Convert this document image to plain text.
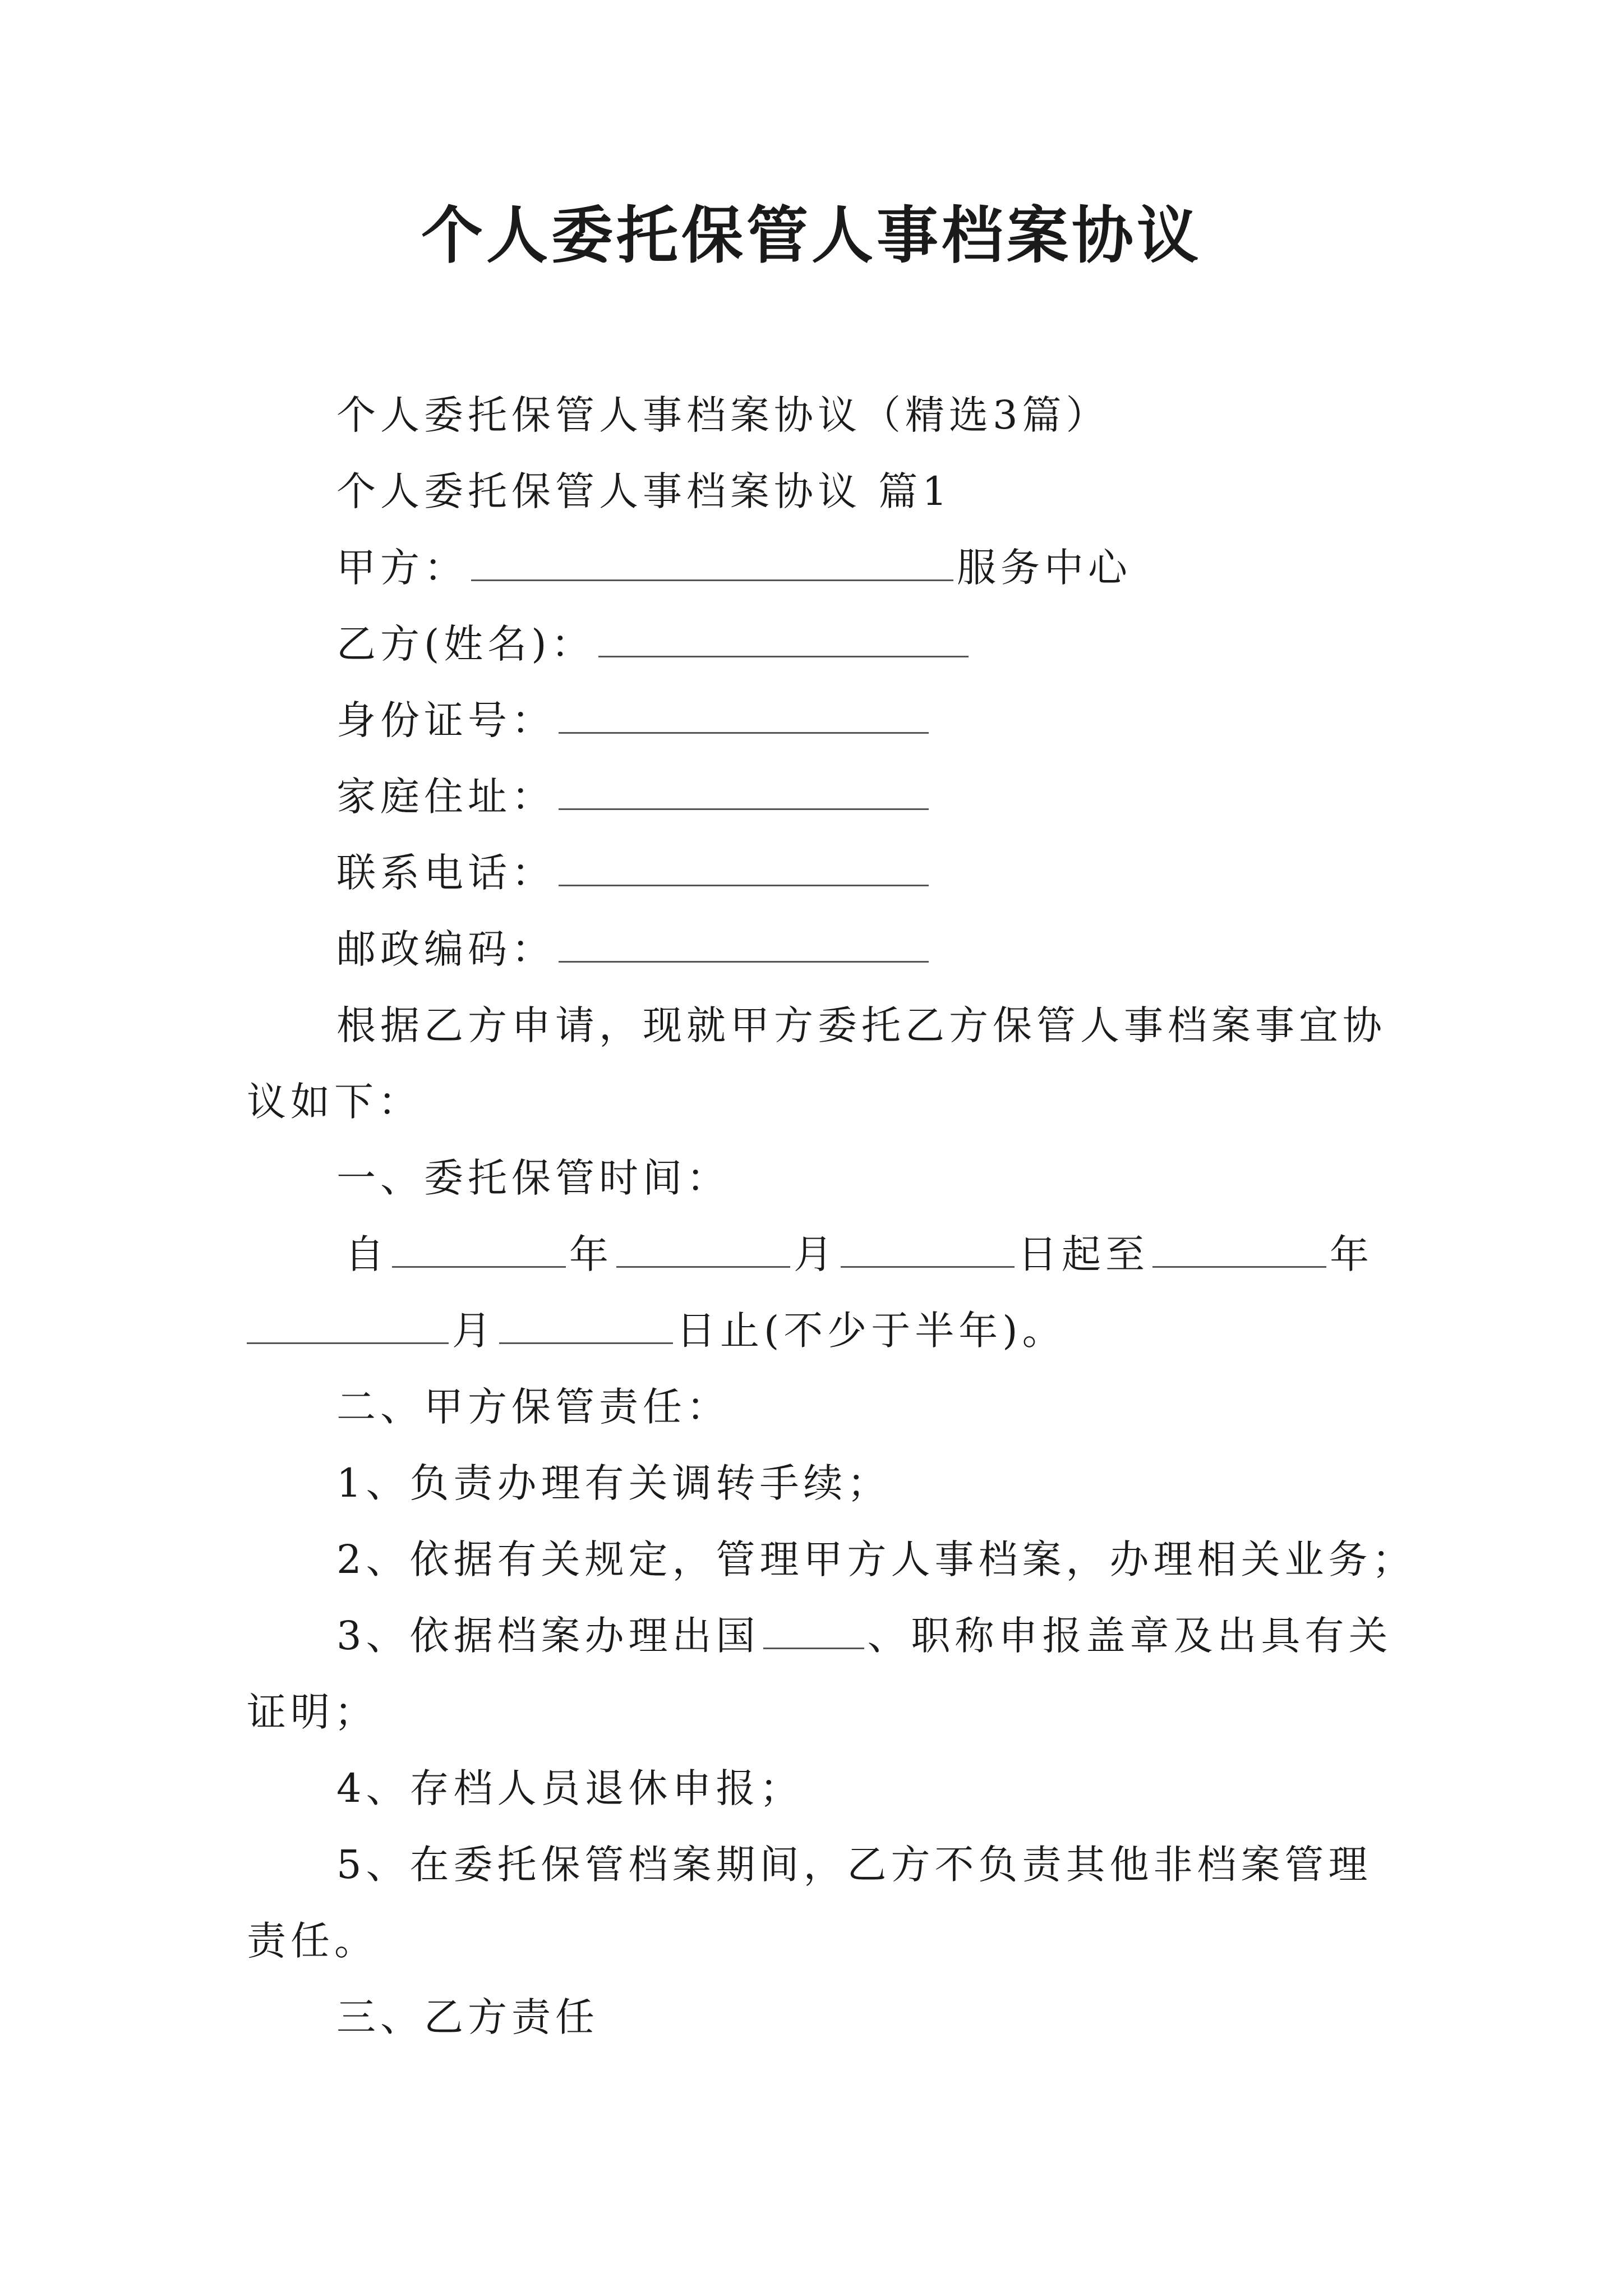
个人委托保管人事档案协议
个人委托保管人事档案协议（精选3篇）
个人委托保管人事档案协议 篇1
甲方：	服务中心
乙方(姓名)：
身份证号：
家庭住址：
联系电话：
邮政编码：
根据乙方申请，现就甲方委托乙方保管人事档案事宜协
议如下：
一、委托保管时间：
自	年	月	日起至	年
月	日止(不少于半年)。
二、甲方保管责任：
1、负责办理有关调转手续；
2、依据有关规定，管理甲方人事档案，办理相关业务；
3、依据档案办理出国	、职称申报盖章及出具有关
证明；
4、存档人员退休申报；
5、在委托保管档案期间，乙方不负责其他非档案管理
责任。
三、乙方责任
